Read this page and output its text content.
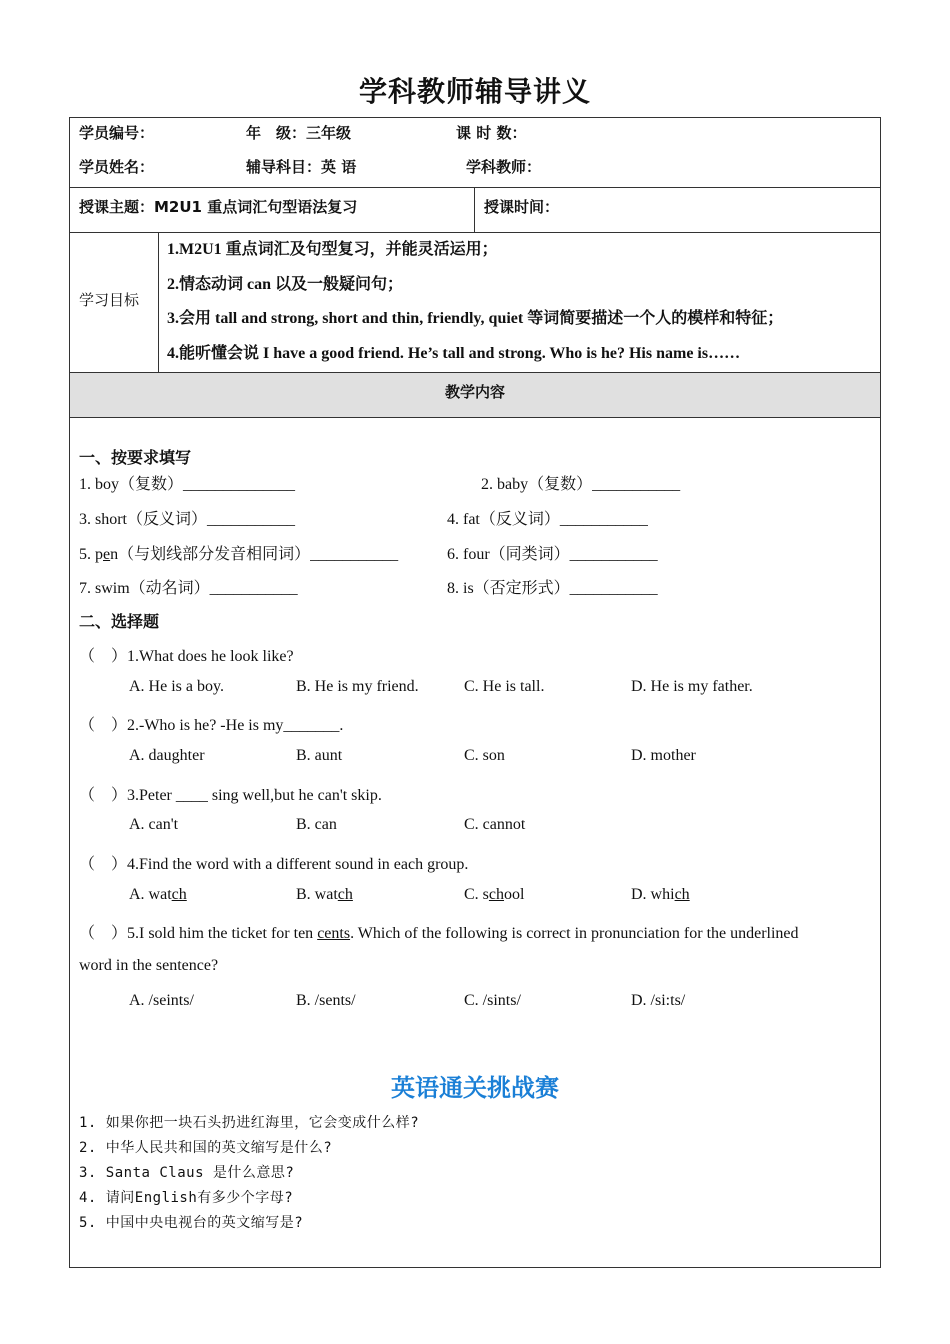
学科教师辅导讲义
学员编号：	年　级：三年级	课 时 数：
学员姓名：	辅导科目：英 语	学科教师：
授课主题：M2U1 重点词汇句型语法复习	授课时间：
学习目标
1.M2U1 重点词汇及句型复习，并能灵活运用；
2.情态动词 can 以及一般疑问句；
3.会用 tall and strong, short and thin, friendly, quiet 等词简要描述一个人的模样和特征；
4.能听懂会说 I have a good friend. He’s tall and strong. Who is he? His name is……
教学内容
一、按要求填写
1. boy（复数）______________	2. baby（复数）___________
3. short（反义词）___________	4. fat（反义词）___________
5. pen（与划线部分发音相同词）___________	6. four（同类词）___________
7. swim（动名词）___________	8. is（否定形式）___________
二、选择题
（　）1.What does he look like?
A. He is a boy.	B. He is my friend.	C. He is tall.	D. He is my father.
（　）2.-Who is he? -He is my_______.
A. daughter	B. aunt	C. son	D. mother
（　）3.Peter ____ sing well,but he can't skip.
A. can't	B. can	C. cannot
（　）4.Find the word with a different sound in each group.
A. watch	B. watch	C. school	D. which
（　）5.I sold him the ticket for ten cents. Which of the following is correct in pronunciation for the underlined
word in the sentence?
A. /seints/	B. /sents/	C. /sints/	D. /si:ts/
英语通关挑战赛
1. 如果你把一块石头扔进红海里，它会变成什么样?
2. 中华人民共和国的英文缩写是什么?
3. Santa Claus 是什么意思?
4. 请问English有多少个字母?
5. 中国中央电视台的英文缩写是?
